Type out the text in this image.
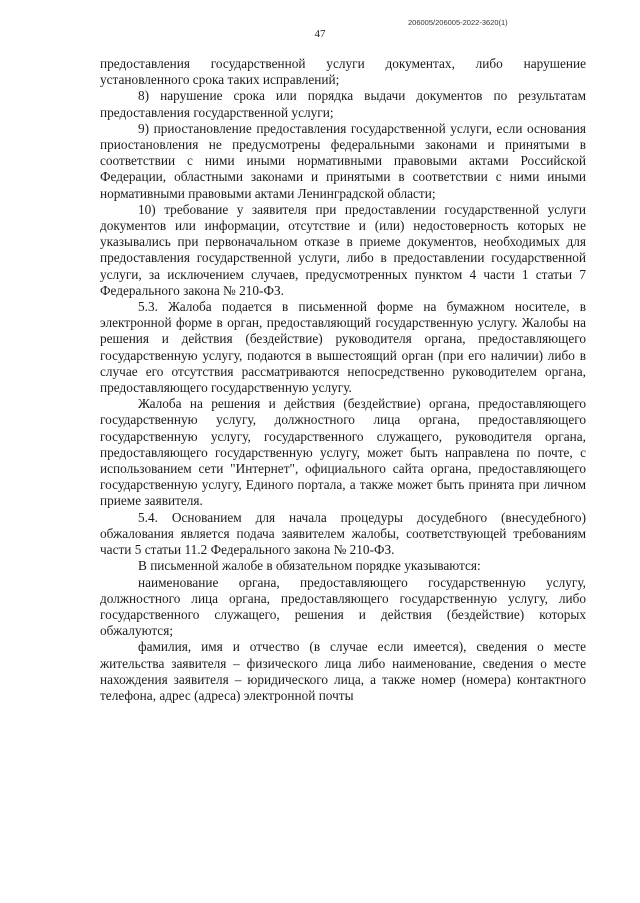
206005/206005-2022-3620(1)
47

предоставления государственной услуги документах, либо нарушение установленного срока таких исправлений;

8) нарушение срока или порядка выдачи документов по результатам предоставления государственной услуги;

9) приостановление предоставления государственной услуги, если основания приостановления не предусмотрены федеральными законами и принятыми в соответствии с ними иными нормативными правовыми актами Российской Федерации, областными законами и принятыми в соответствии с ними иными нормативными правовыми актами Ленинградской области;

10) требование у заявителя при предоставлении государственной услуги документов или информации, отсутствие и (или) недостоверность которых не указывались при первоначальном отказе в приеме документов, необходимых для предоставления государственной услуги, либо в предоставлении государственной услуги, за исключением случаев, предусмотренных пунктом 4 части 1 статьи 7 Федерального закона № 210-ФЗ.

5.3. Жалоба подается в письменной форме на бумажном носителе, в электронной форме в орган, предоставляющий государственную услугу. Жалобы на решения и действия (бездействие) руководителя органа, предоставляющего государственную услугу, подаются в вышестоящий орган (при его наличии) либо в случае его отсутствия рассматриваются непосредственно руководителем органа, предоставляющего государственную услугу.

Жалоба на решения и действия (бездействие) органа, предоставляющего государственную услугу, должностного лица органа, предоставляющего государственную услугу, государственного служащего, руководителя органа, предоставляющего государственную услугу, может быть направлена по почте, с использованием сети "Интернет", официального сайта органа, предоставляющего государственную услугу, Единого портала, а также может быть принята при личном приеме заявителя.

5.4. Основанием для начала процедуры досудебного (внесудебного) обжалования является подача заявителем жалобы, соответствующей требованиям части 5 статьи 11.2 Федерального закона № 210-ФЗ.

В письменной жалобе в обязательном порядке указываются:

наименование органа, предоставляющего государственную услугу, должностного лица органа, предоставляющего государственную услугу, либо государственного служащего, решения и действия (бездействие) которых обжалуются;

фамилия, имя и отчество (в случае если имеется), сведения о месте жительства заявителя – физического лица либо наименование, сведения о месте нахождения заявителя – юридического лица, а также номер (номера) контактного телефона, адрес (адреса) электронной почты
